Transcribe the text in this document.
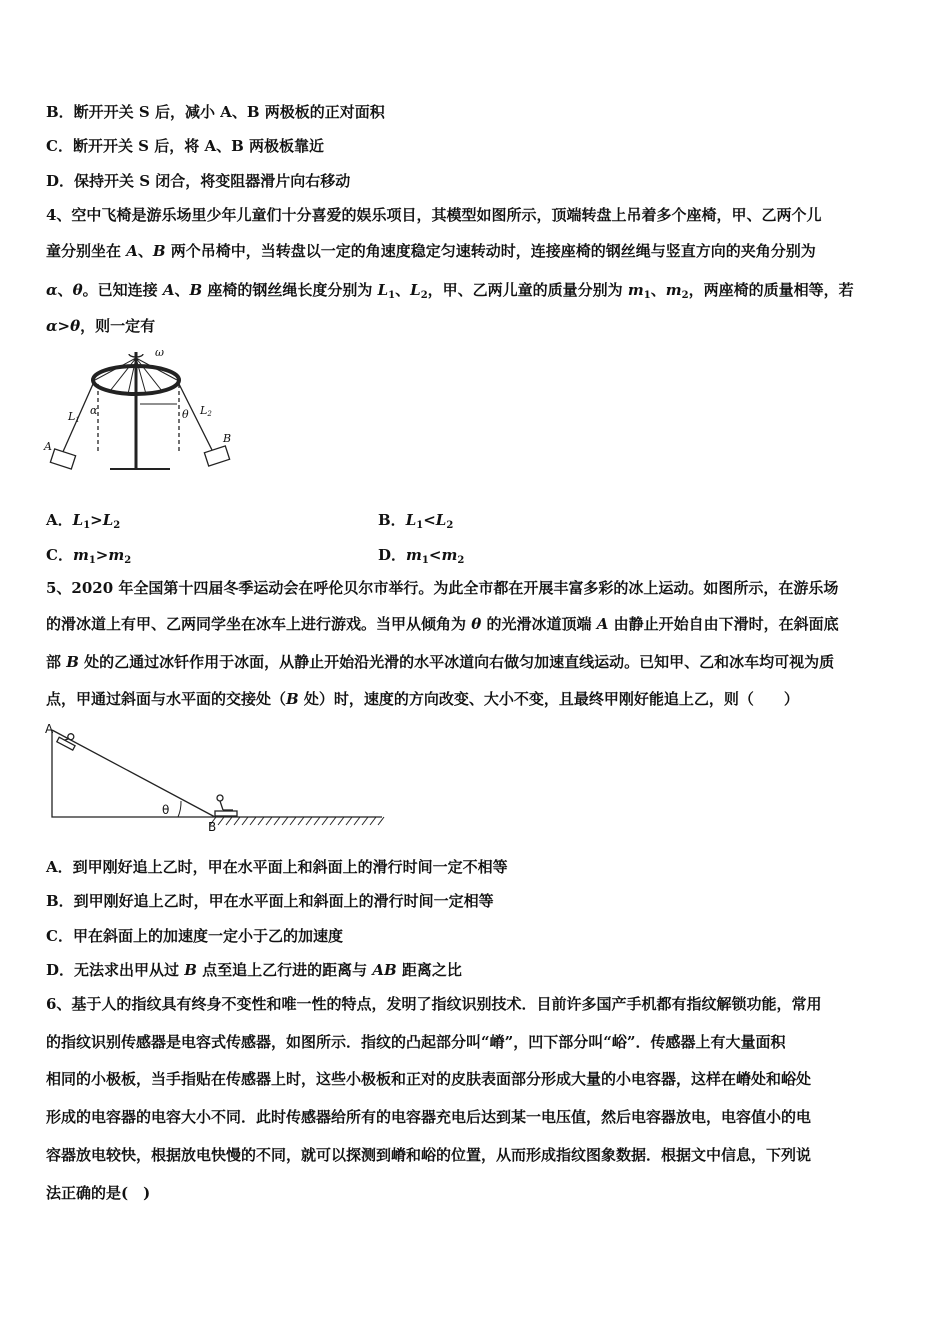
B．断开开关 S 后，减小 A、B 两极板的正对面积
C．断开开关 S 后，将 A、B 两极板靠近
D．保持开关 S 闭合，将变阻器滑片向右移动
4、空中飞椅是游乐场里少年儿童们十分喜爱的娱乐项目，其模型如图所示，顶端转盘上吊着多个座椅，甲、乙两个儿
童分别坐在 A、B 两个吊椅中，当转盘以一定的角速度稳定匀速转动时，连接座椅的钢丝绳与竖直方向的夹角分别为
α、θ。已知连接 A、B 座椅的钢丝绳长度分别为 $L_1$、$L_2$，甲、乙两儿童的质量分别为 $m_1$、$m_2$，两座椅的质量相等，若
α>θ，则一定有
ω
α	θ
L1
L2
A
B
A．$L_1>L_2$	B．$L_1<L_2$
C．$m_1>m_2$	D．$m_1<m_2$
5、2020 年全国第十四届冬季运动会在呼伦贝尔市举行。为此全市都在开展丰富多彩的冰上运动。如图所示，在游乐场
的滑冰道上有甲、乙两同学坐在冰车上进行游戏。当甲从倾角为 θ 的光滑冰道顶端 A 由静止开始自由下滑时，在斜面底
部 B 处的乙通过冰钎作用于冰面，从静止开始沿光滑的水平冰道向右做匀加速直线运动。已知甲、乙和冰车均可视为质
点，甲通过斜面与水平面的交接处（B 处）时，速度的方向改变、大小不变，且最终甲刚好能追上乙，则（　　）
A
B
θ
A．到甲刚好追上乙时，甲在水平面上和斜面上的滑行时间一定不相等
B．到甲刚好追上乙时，甲在水平面上和斜面上的滑行时间一定相等
C．甲在斜面上的加速度一定小于乙的加速度
D．无法求出甲从过 B 点至追上乙行进的距离与 AB 距离之比
6、基于人的指纹具有终身不变性和唯一性的特点，发明了指纹识别技术．目前许多国产手机都有指纹解锁功能，常用
的指纹识别传感器是电容式传感器，如图所示．指纹的凸起部分叫“嵴”，凹下部分叫“峪”．传感器上有大量面积
相同的小极板，当手指贴在传感器上时，这些小极板和正对的皮肤表面部分形成大量的小电容器，这样在嵴处和峪处
形成的电容器的电容大小不同．此时传感器给所有的电容器充电后达到某一电压值，然后电容器放电，电容值小的电
容器放电较快，根据放电快慢的不同，就可以探测到嵴和峪的位置，从而形成指纹图象数据．根据文中信息，下列说
法正确的是(　)
